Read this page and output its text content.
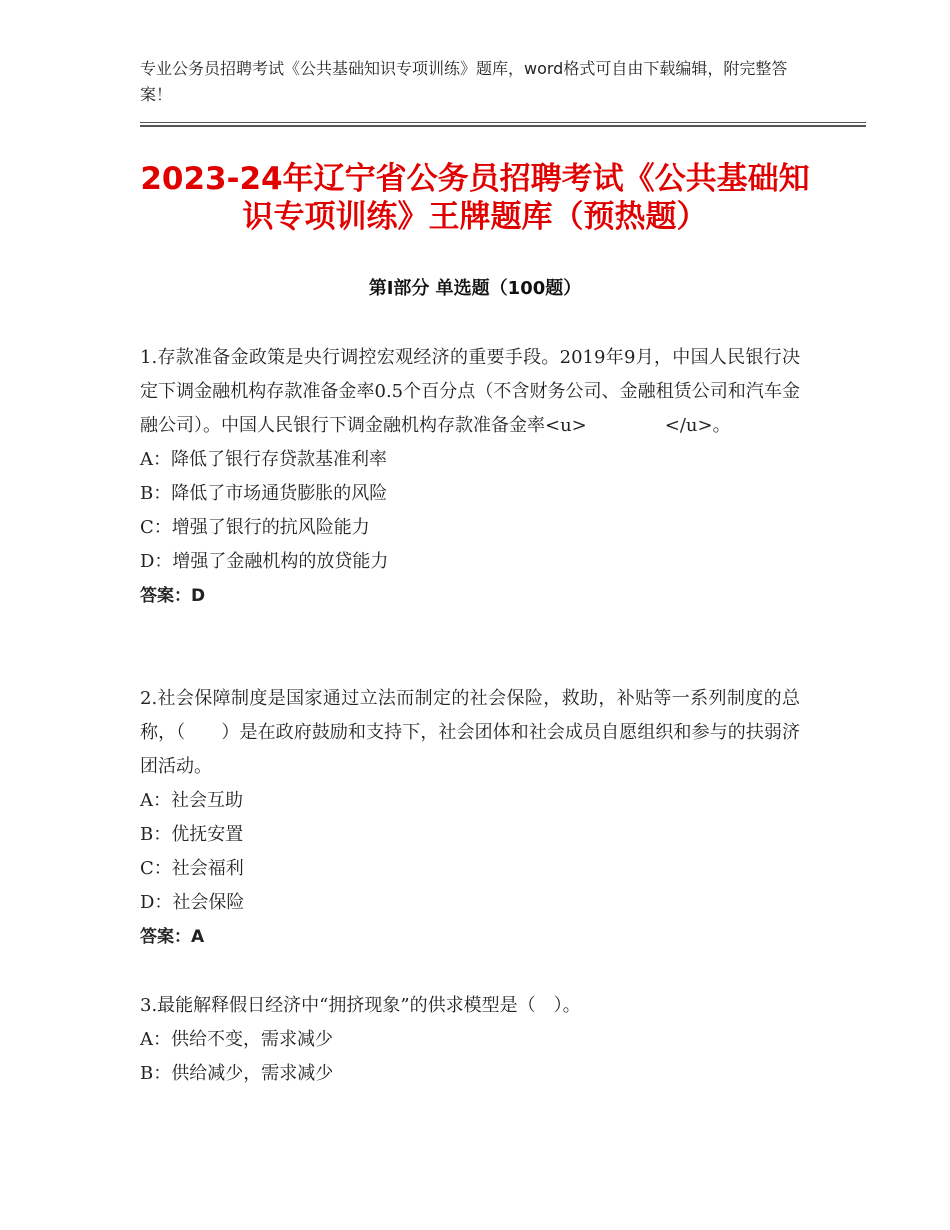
专业公务员招聘考试《公共基础知识专项训练》题库，word格式可自由下载编辑，附完整答案！
2023-24年辽宁省公务员招聘考试《公共基础知识专项训练》王牌题库（预热题）
第Ⅰ部分 单选题（100题）

1.存款准备金政策是央行调控宏观经济的重要手段。2019年9月，中国人民银行决定下调金融机构存款准备金率0.5个百分点（不含财务公司、金融租赁公司和汽车金融公司）。中国人民银行下调金融机构存款准备金率<u>	</u>。

A：降低了银行存贷款基准利率

B：降低了市场通货膨胀的风险

C：增强了银行的抗风险能力

D：增强了金融机构的放贷能力

答案：D

2.社会保障制度是国家通过立法而制定的社会保险，救助，补贴等一系列制度的总称，（　　）是在政府鼓励和支持下，社会团体和社会成员自愿组织和参与的扶弱济团活动。

A：社会互助

B：优抚安置

C：社会福利

D：社会保险

答案：A

3.最能解释假日经济中“拥挤现象”的供求模型是（　）。

A：供给不变，需求减少

B：供给减少，需求减少
